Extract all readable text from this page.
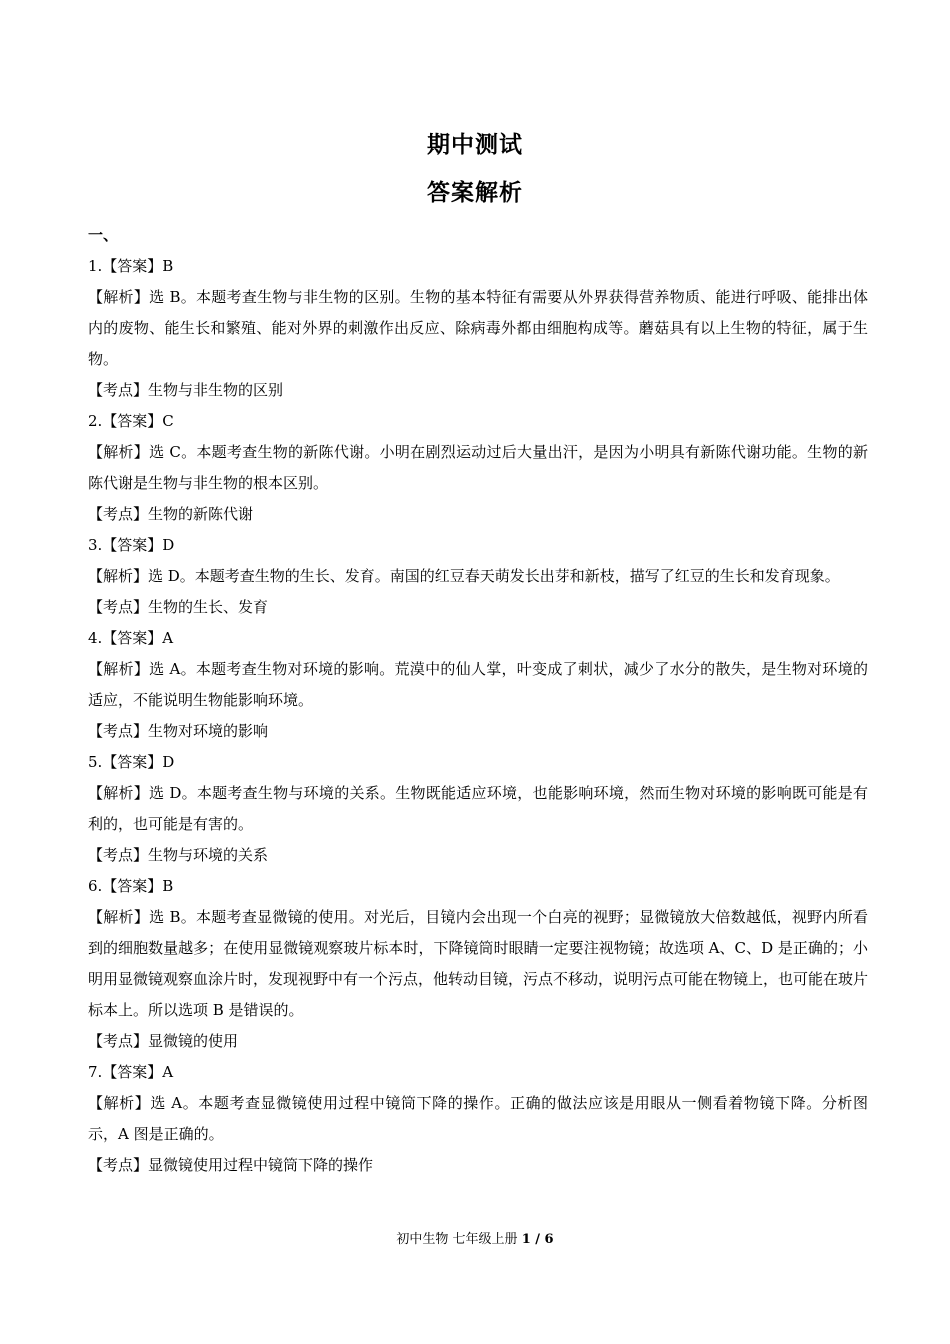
期中测试
答案解析
一、
1.【答案】B
【解析】选 B。本题考查生物与非生物的区别。生物的基本特征有需要从外界获得营养物质、能进行呼吸、能排出体内的废物、能生长和繁殖、能对外界的刺激作出反应、除病毒外都由细胞构成等。蘑菇具有以上生物的特征，属于生物。
【考点】生物与非生物的区别
2.【答案】C
【解析】选 C。本题考查生物的新陈代谢。小明在剧烈运动过后大量出汗，是因为小明具有新陈代谢功能。生物的新陈代谢是生物与非生物的根本区别。
【考点】生物的新陈代谢
3.【答案】D
【解析】选 D。本题考查生物的生长、发育。南国的红豆春天萌发长出芽和新枝，描写了红豆的生长和发育现象。
【考点】生物的生长、发育
4.【答案】A
【解析】选 A。本题考查生物对环境的影响。荒漠中的仙人掌，叶变成了刺状，减少了水分的散失，是生物对环境的适应，不能说明生物能影响环境。
【考点】生物对环境的影响
5.【答案】D
【解析】选 D。本题考查生物与环境的关系。生物既能适应环境，也能影响环境，然而生物对环境的影响既可能是有利的，也可能是有害的。
【考点】生物与环境的关系
6.【答案】B
【解析】选 B。本题考查显微镜的使用。对光后，目镜内会出现一个白亮的视野；显微镜放大倍数越低，视野内所看到的细胞数量越多；在使用显微镜观察玻片标本时，下降镜筒时眼睛一定要注视物镜；故选项 A、C、D 是正确的；小明用显微镜观察血涂片时，发现视野中有一个污点，他转动目镜，污点不移动，说明污点可能在物镜上，也可能在玻片标本上。所以选项 B 是错误的。
【考点】显微镜的使用
7.【答案】A
【解析】选 A。本题考查显微镜使用过程中镜筒下降的操作。正确的做法应该是用眼从一侧看着物镜下降。分析图示，A 图是正确的。
【考点】显微镜使用过程中镜筒下降的操作
初中生物 七年级上册 1 / 6
